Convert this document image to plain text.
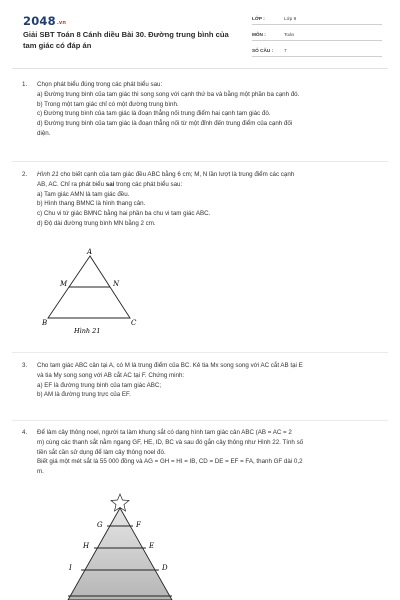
2048.vn
Giải SBT Toán 8 Cánh diều Bài 30. Đường trung bình của tam giác có đáp án
LỚP :	Lớp 8
MÔN :	Toán
SỐ CÂU : 7
1. Chọn phát biểu đúng trong các phát biểu sau:

a) Đường trung bình của tam giác thì song song với cạnh thứ ba và bằng một phần ba cạnh đó.

b) Trong một tam giác chỉ có một đường trung bình.

c) Đường trung bình của tam giác là đoạn thẳng nối trung điểm hai cạnh tam giác đó.

d) Đường trung bình của tam giác là đoạn thẳng nối từ một đỉnh đến trung điểm của cạnh đối

diện.

2. Hình 21 cho biết cạnh của tam giác đều ABC bằng 6 cm; M, N lần lượt là trung điểm các cạnh

AB, AC. Chỉ ra phát biểu sai trong các phát biểu sau:

a) Tam giác AMN là tam giác đều.

b) Hình thang BMNC là hình thang cân.

c) Chu vi tứ giác BMNC bằng hai phần ba chu vi tam giác ABC.

d) Độ dài đường trung bình MN bằng 2 cm.

A
M	N
B	C
Hình 21
3. Cho tam giác ABC cân tại A, có M là trung điểm của BC. Kẻ tia Mx song song với AC cắt AB tại E

và tia My song song với AB cắt AC tại F. Chứng minh:

a) EF là đường trung bình của tam giác ABC;

b) AM là đường trung trực của EF.

4. Để làm cây thông noel, người ta làm khung sắt có dạng hình tam giác cân ABC (AB = AC = 2

m) cùng các thanh sắt nằm ngang GF, HE, ID, BC và sau đó gắn cây thông như Hình 22. Tính số

tiền sắt cần sử dụng để làm cây thông noel đó.

Biết giá một mét sắt là 55 000 đồng và AG = GH = HI = IB, CD = DE = EF = FA, thanh GF dài 0,2

m.

G	F
H	E
I	D
